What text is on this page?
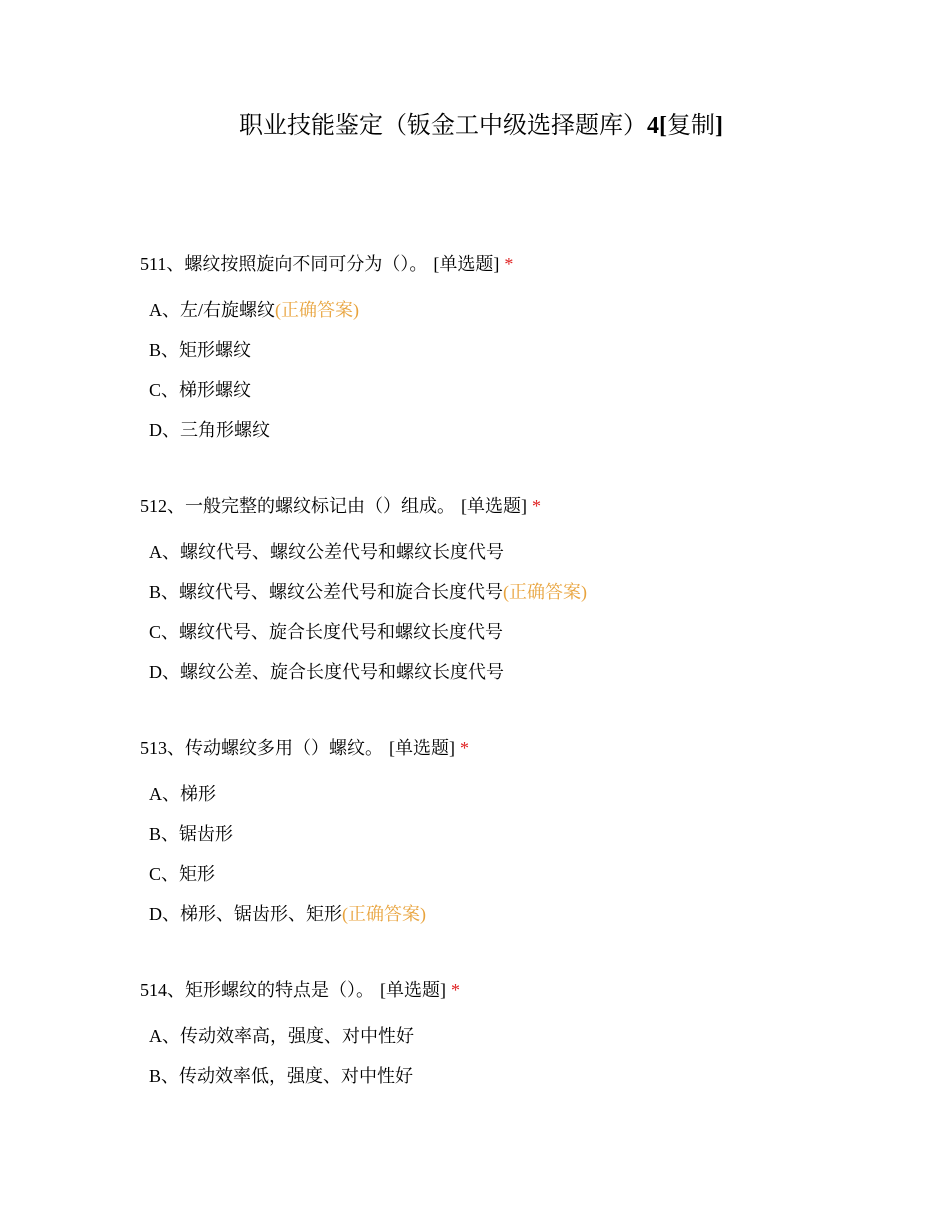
职业技能鉴定（钣金工中级选择题库）4[复制]
511、螺纹按照旋向不同可分为（）。 [单选题] *
A、左/右旋螺纹(正确答案)
B、矩形螺纹
C、梯形螺纹
D、三角形螺纹
512、一般完整的螺纹标记由（）组成。 [单选题] *
A、螺纹代号、螺纹公差代号和螺纹长度代号
B、螺纹代号、螺纹公差代号和旋合长度代号(正确答案)
C、螺纹代号、旋合长度代号和螺纹长度代号
D、螺纹公差、旋合长度代号和螺纹长度代号
513、传动螺纹多用（）螺纹。 [单选题] *
A、梯形
B、锯齿形
C、矩形
D、梯形、锯齿形、矩形(正确答案)
514、矩形螺纹的特点是（）。 [单选题] *
A、传动效率高，强度、对中性好
B、传动效率低，强度、对中性好
